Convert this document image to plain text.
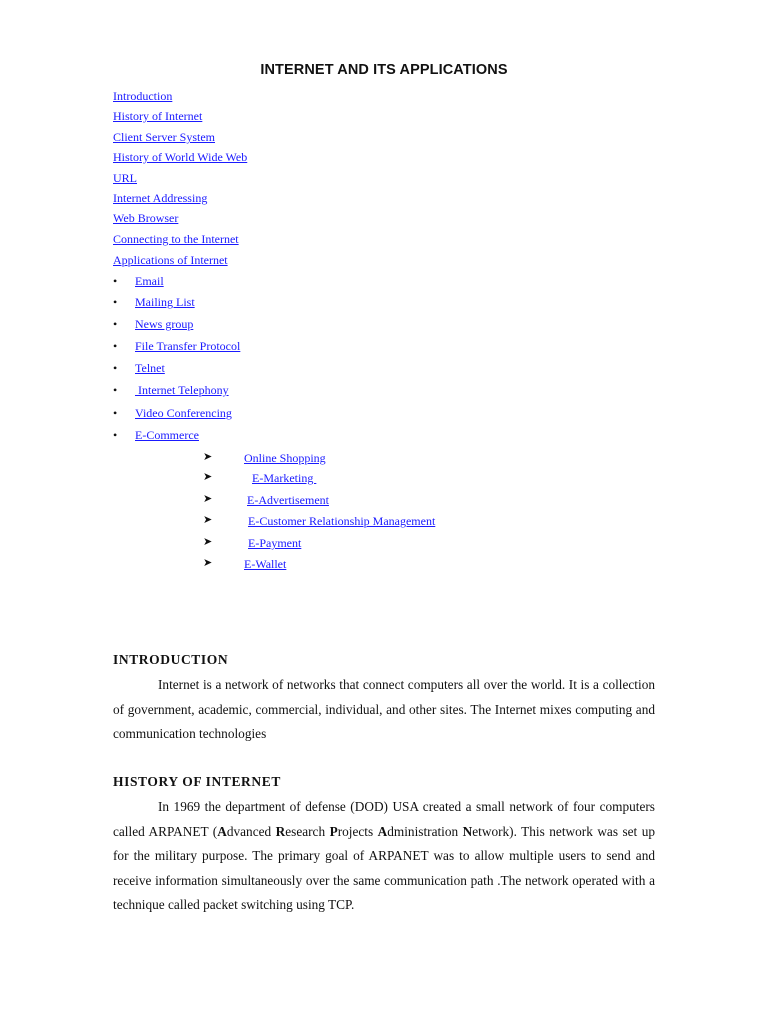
INTERNET AND ITS APPLICATIONS
Introduction
History of Internet
Client Server System
History of World Wide Web
URL
Internet Addressing
Web Browser
Connecting to the Internet
Applications of Internet
• Email
• Mailing List
• News group
• File Transfer Protocol
• Telnet
• Internet Telephony
• Video Conferencing
• E-Commerce
➤	Online Shopping
➤	E-Marketing
➤	E-Advertisement
➤	E-Customer Relationship Management
➤	E-Payment
➤	E-Wallet
INTRODUCTION
Internet is a network of networks that connect computers all over the world. It is a collection of government, academic, commercial, individual, and other sites. The Internet mixes computing and communication technologies
HISTORY OF INTERNET
In 1969 the department of defense (DOD) USA created a small network of four computers called ARPANET (Advanced Research Projects Administration Network). This network was set up for the military purpose. The primary goal of ARPANET was to allow multiple users to send and receive information simultaneously over the same communication path .The network operated with a technique called packet switching using TCP.
